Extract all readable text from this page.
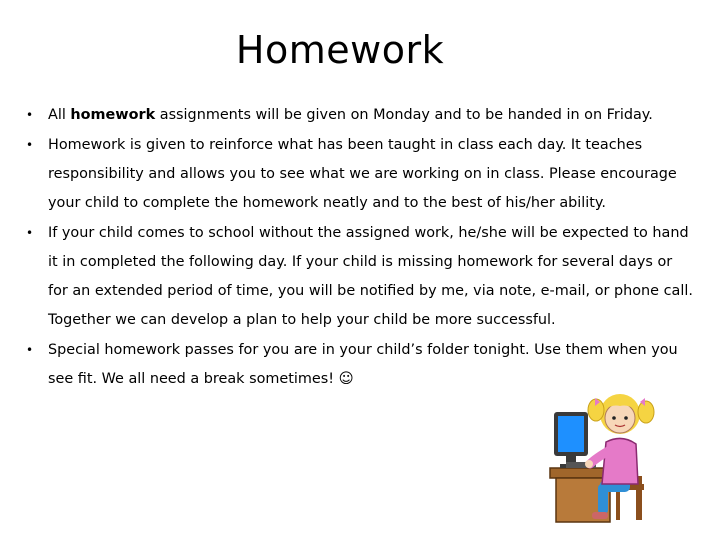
Homework
• All homework assignments will be given on Monday and to be handed in on Friday.
• Homework is given to reinforce what has been taught in class each day. It teaches responsibility and allows you to see what we are working on in class. Please encourage your child to complete the homework neatly and to the best of his/her ability.
• If your child comes to school without the assigned work, he/she will be expected to hand it in completed the following day. If your child is missing homework for several days or for an extended period of time, you will be notified by me, via note, e-mail, or phone call. Together we can develop a plan to help your child be more successful.
• Special homework passes for you are in your child’s folder tonight. Use them when you see fit. We all need a break sometimes! ☺
